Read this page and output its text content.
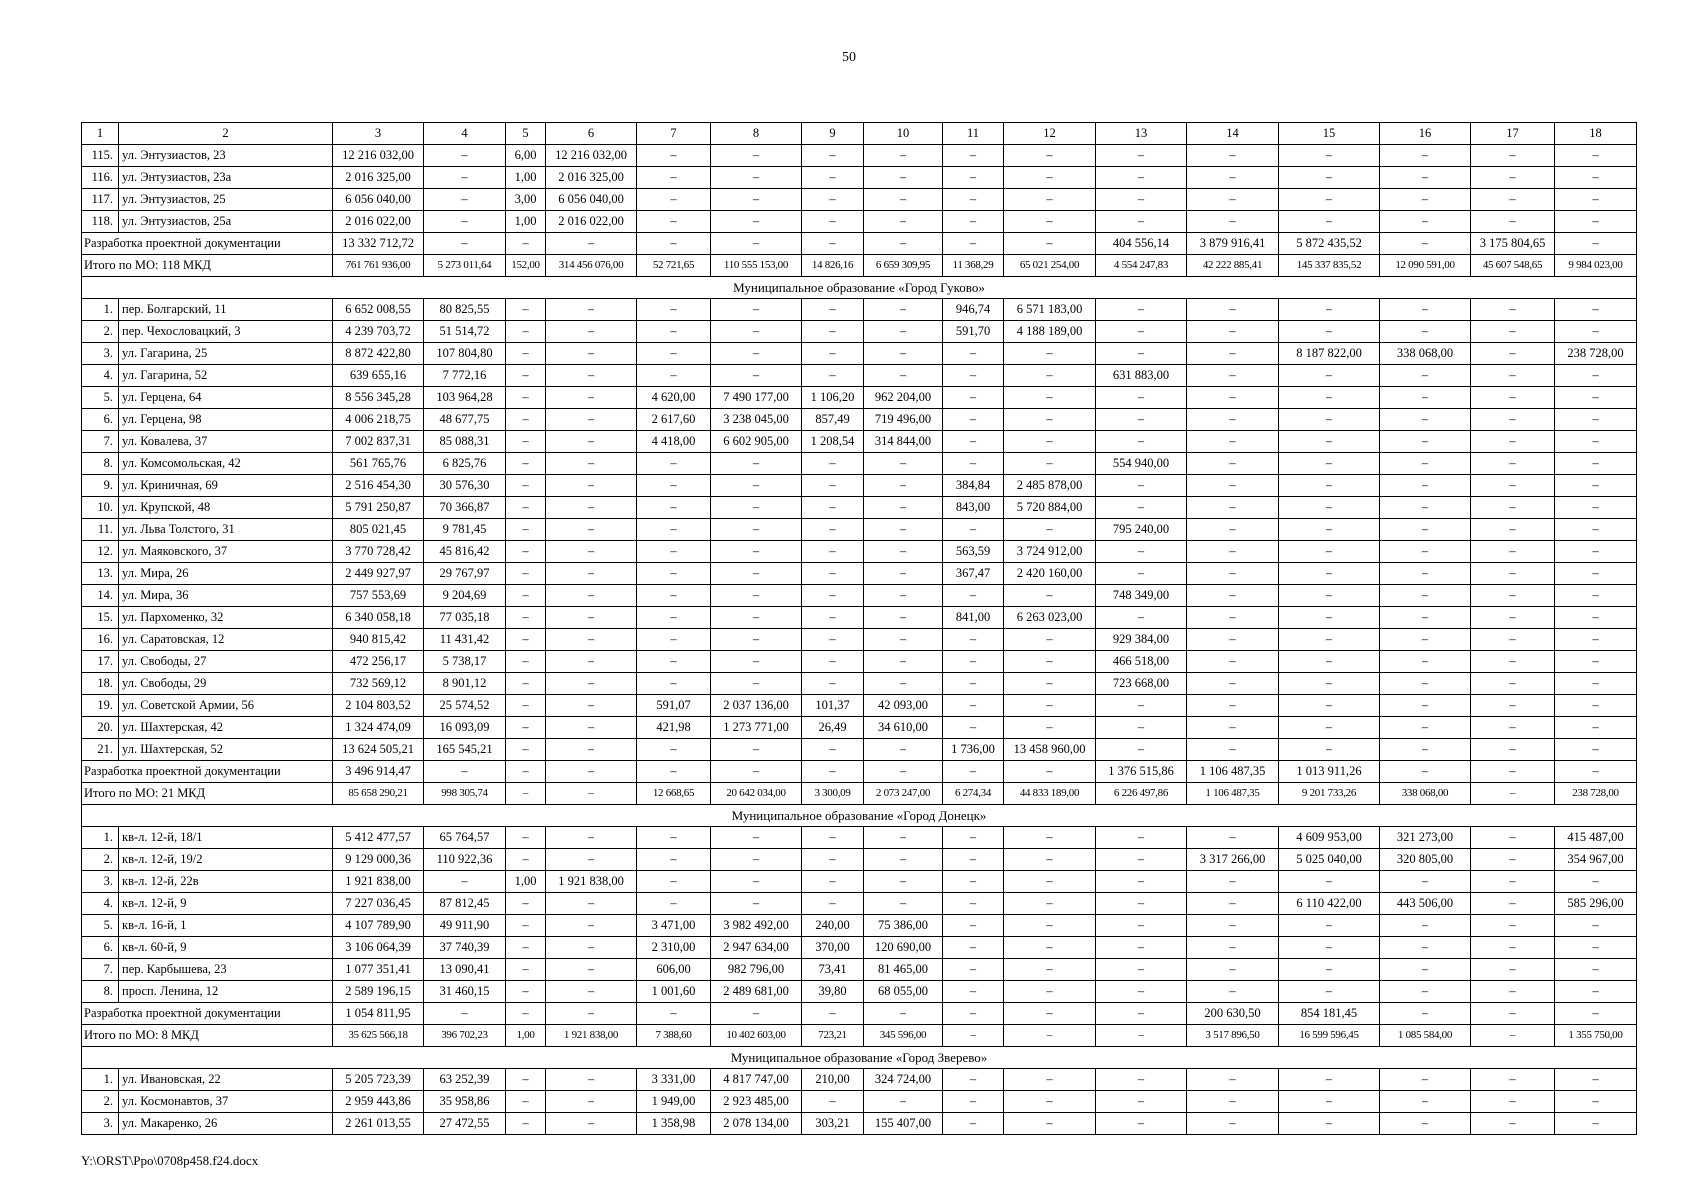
50
1	2	3	4	5	6	7	8	9	10	11	12	13	14	15	16	17	18
115.	ул. Энтузиастов, 23	12 216 032,00	–	6,00	12 216 032,00	–	–	–	–	–	–	–	–	–	–	–	–
116.	ул. Энтузиастов, 23а	2 016 325,00	–	1,00	2 016 325,00	–	–	–	–	–	–	–	–	–	–	–	–
117.	ул. Энтузиастов, 25	6 056 040,00	–	3,00	6 056 040,00	–	–	–	–	–	–	–	–	–	–	–	–
118.	ул. Энтузиастов, 25а	2 016 022,00	–	1,00	2 016 022,00	–	–	–	–	–	–	–	–	–	–	–	–
Разработка проектной документации		13 332 712,72	–	–	–	–	–	–	–	–	–	404 556,14	3 879 916,41	5 872 435,52	–	3 175 804,65	–
Итого по МО: 118 МКД		761 761 936,00	5 273 011,64	152,00	314 456 076,00	52 721,65	110 555 153,00	14 826,16	6 659 309,95	11 368,29	65 021 254,00	4 554 247,83	42 222 885,41	145 337 835,52	12 090 591,00	45 607 548,65	9 984 023,00
Муниципальное образование «Город Гуково»																	
1.	пер. Болгарский, 11	6 652 008,55	80 825,55	–	–	–	–	–	–	946,74	6 571 183,00	–	–	–	–	–	–
2.	пер. Чехословацкий, 3	4 239 703,72	51 514,72	–	–	–	–	–	–	591,70	4 188 189,00	–	–	–	–	–	–
3.	ул. Гагарина, 25	8 872 422,80	107 804,80	–	–	–	–	–	–	–	–	–	–	8 187 822,00	338 068,00	–	238 728,00
4.	ул. Гагарина, 52	639 655,16	7 772,16	–	–	–	–	–	–	–	–	631 883,00	–	–	–	–	–
5.	ул. Герцена, 64	8 556 345,28	103 964,28	–	–	4 620,00	7 490 177,00	1 106,20	962 204,00	–	–	–	–	–	–	–	–
6.	ул. Герцена, 98	4 006 218,75	48 677,75	–	–	2 617,60	3 238 045,00	857,49	719 496,00	–	–	–	–	–	–	–	–
7.	ул. Ковалева, 37	7 002 837,31	85 088,31	–	–	4 418,00	6 602 905,00	1 208,54	314 844,00	–	–	–	–	–	–	–	–
8.	ул. Комсомольская, 42	561 765,76	6 825,76	–	–	–	–	–	–	–	–	554 940,00	–	–	–	–	–
9.	ул. Криничная, 69	2 516 454,30	30 576,30	–	–	–	–	–	–	384,84	2 485 878,00	–	–	–	–	–	–
10.	ул. Крупской, 48	5 791 250,87	70 366,87	–	–	–	–	–	–	843,00	5 720 884,00	–	–	–	–	–	–
11.	ул. Льва Толстого, 31	805 021,45	9 781,45	–	–	–	–	–	–	–	–	795 240,00	–	–	–	–	–
12.	ул. Маяковского, 37	3 770 728,42	45 816,42	–	–	–	–	–	–	563,59	3 724 912,00	–	–	–	–	–	–
13.	ул. Мира, 26	2 449 927,97	29 767,97	–	–	–	–	–	–	367,47	2 420 160,00	–	–	–	–	–	–
14.	ул. Мира, 36	757 553,69	9 204,69	–	–	–	–	–	–	–	–	748 349,00	–	–	–	–	–
15.	ул. Пархоменко, 32	6 340 058,18	77 035,18	–	–	–	–	–	–	841,00	6 263 023,00	–	–	–	–	–	–
16.	ул. Саратовская, 12	940 815,42	11 431,42	–	–	–	–	–	–	–	–	929 384,00	–	–	–	–	–
17.	ул. Свободы, 27	472 256,17	5 738,17	–	–	–	–	–	–	–	–	466 518,00	–	–	–	–	–
18.	ул. Свободы, 29	732 569,12	8 901,12	–	–	–	–	–	–	–	–	723 668,00	–	–	–	–	–
19.	ул. Советской Армии, 56	2 104 803,52	25 574,52	–	–	591,07	2 037 136,00	101,37	42 093,00	–	–	–	–	–	–	–	–
20.	ул. Шахтерская, 42	1 324 474,09	16 093,09	–	–	421,98	1 273 771,00	26,49	34 610,00	–	–	–	–	–	–	–	–
21.	ул. Шахтерская, 52	13 624 505,21	165 545,21	–	–	–	–	–	–	1 736,00	13 458 960,00	–	–	–	–	–	–
Разработка проектной документации		3 496 914,47	–	–	–	–	–	–	–	–	–	1 376 515,86	1 106 487,35	1 013 911,26	–	–	–
Итого по МО: 21 МКД		85 658 290,21	998 305,74	–	–	12 668,65	20 642 034,00	3 300,09	2 073 247,00	6 274,34	44 833 189,00	6 226 497,86	1 106 487,35	9 201 733,26	338 068,00	–	238 728,00
Муниципальное образование «Город Донецк»																	
1.	кв-л. 12-й, 18/1	5 412 477,57	65 764,57	–	–	–	–	–	–	–	–	–	–	4 609 953,00	321 273,00	–	415 487,00
2.	кв-л. 12-й, 19/2	9 129 000,36	110 922,36	–	–	–	–	–	–	–	–	–	3 317 266,00	5 025 040,00	320 805,00	–	354 967,00
3.	кв-л. 12-й, 22в	1 921 838,00	–	1,00	1 921 838,00	–	–	–	–	–	–	–	–	–	–	–	–
4.	кв-л. 12-й, 9	7 227 036,45	87 812,45	–	–	–	–	–	–	–	–	–	–	6 110 422,00	443 506,00	–	585 296,00
5.	кв-л. 16-й, 1	4 107 789,90	49 911,90	–	–	3 471,00	3 982 492,00	240,00	75 386,00	–	–	–	–	–	–	–	–
6.	кв-л. 60-й, 9	3 106 064,39	37 740,39	–	–	2 310,00	2 947 634,00	370,00	120 690,00	–	–	–	–	–	–	–	–
7.	пер. Карбышева, 23	1 077 351,41	13 090,41	–	–	606,00	982 796,00	73,41	81 465,00	–	–	–	–	–	–	–	–
8.	просп. Ленина, 12	2 589 196,15	31 460,15	–	–	1 001,60	2 489 681,00	39,80	68 055,00	–	–	–	–	–	–	–	–
Разработка проектной документации		1 054 811,95	–	–	–	–	–	–	–	–	–	–	200 630,50	854 181,45	–	–	–
Итого по МО: 8 МКД		35 625 566,18	396 702,23	1,00	1 921 838,00	7 388,60	10 402 603,00	723,21	345 596,00	–	–	–	3 517 896,50	16 599 596,45	1 085 584,00	–	1 355 750,00
Муниципальное образование «Город Зверево»																	
1.	ул. Ивановская, 22	5 205 723,39	63 252,39	–	–	3 331,00	4 817 747,00	210,00	324 724,00	–	–	–	–	–	–	–	–
2.	ул. Космонавтов, 37	2 959 443,86	35 958,86	–	–	1 949,00	2 923 485,00	–	–	–	–	–	–	–	–	–	–
3.	ул. Макаренко, 26	2 261 013,55	27 472,55	–	–	1 358,98	2 078 134,00	303,21	155 407,00	–	–	–	–	–	–	–	–
Y:\ORST\Ppo\0708p458.f24.docx
